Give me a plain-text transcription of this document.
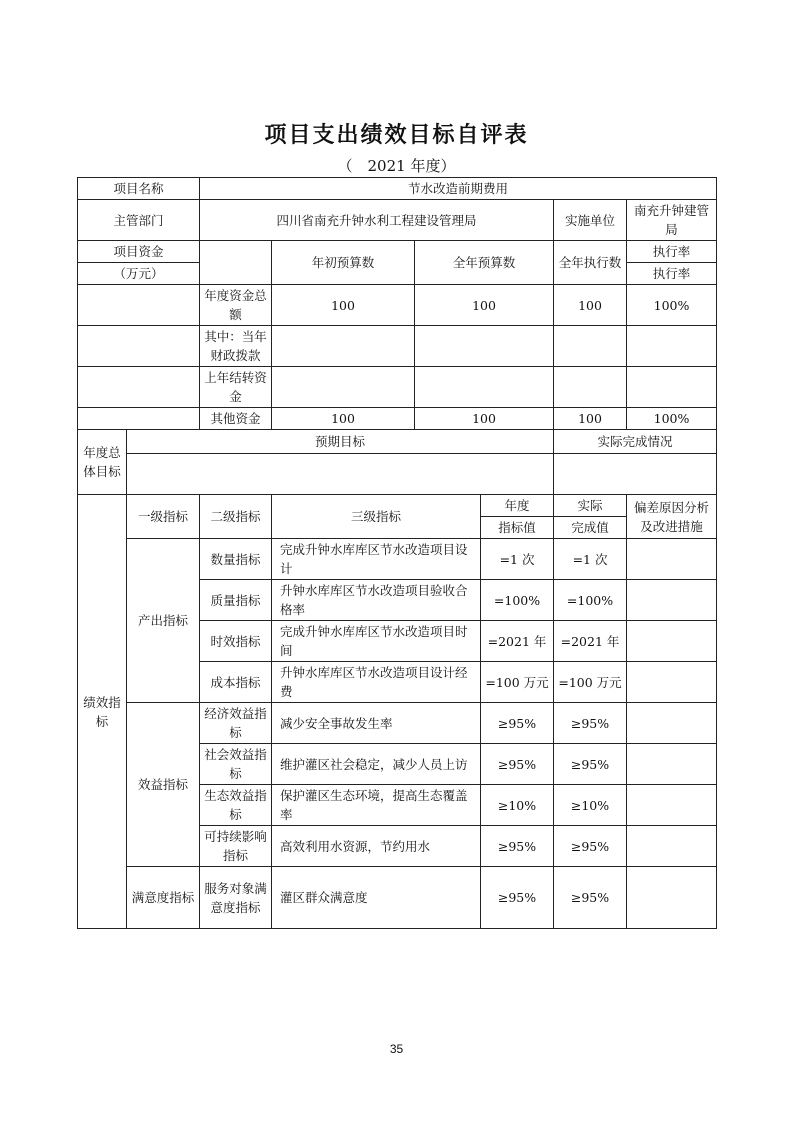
项目支出绩效目标自评表
（　2021 年度）
项目名称		节水改造前期费用					
主管部门		四川省南充升钟水利工程建设管理局				实施单位	南充升钟建管局
项目资金			年初预算数	全年预算数		全年执行数	执行率
（万元）							执行率
		年度资金总额	100	100		100	100%
		其中：当年财政拨款					
		上年结转资金					
		其他资金	100	100		100	100%
年度总体目标	预期目标					实际完成情况	

绩效指标	一级指标	二级指标	三级指标		年度	实际	偏差原因分析及改进措施
					指标值	完成值	
	产出指标	数量指标	完成升钟水库库区节水改造项目设计		=1 次	=1 次	
		质量指标	升钟水库库区节水改造项目验收合格率		=100%	=100%	
		时效指标	完成升钟水库库区节水改造项目时间		=2021 年	=2021 年	
		成本指标	升钟水库库区节水改造项目设计经费		=100 万元	=100 万元	
	效益指标	经济效益指标	减少安全事故发生率		≥95%	≥95%	
		社会效益指标	维护灌区社会稳定，减少人员上访		≥95%	≥95%	
		生态效益指标	保护灌区生态环境，提高生态覆盖率		≥10%	≥10%	
		可持续影响指标	高效利用水资源，节约用水		≥95%	≥95%	
	满意度指标	服务对象满意度指标	灌区群众满意度		≥95%	≥95%	
35
